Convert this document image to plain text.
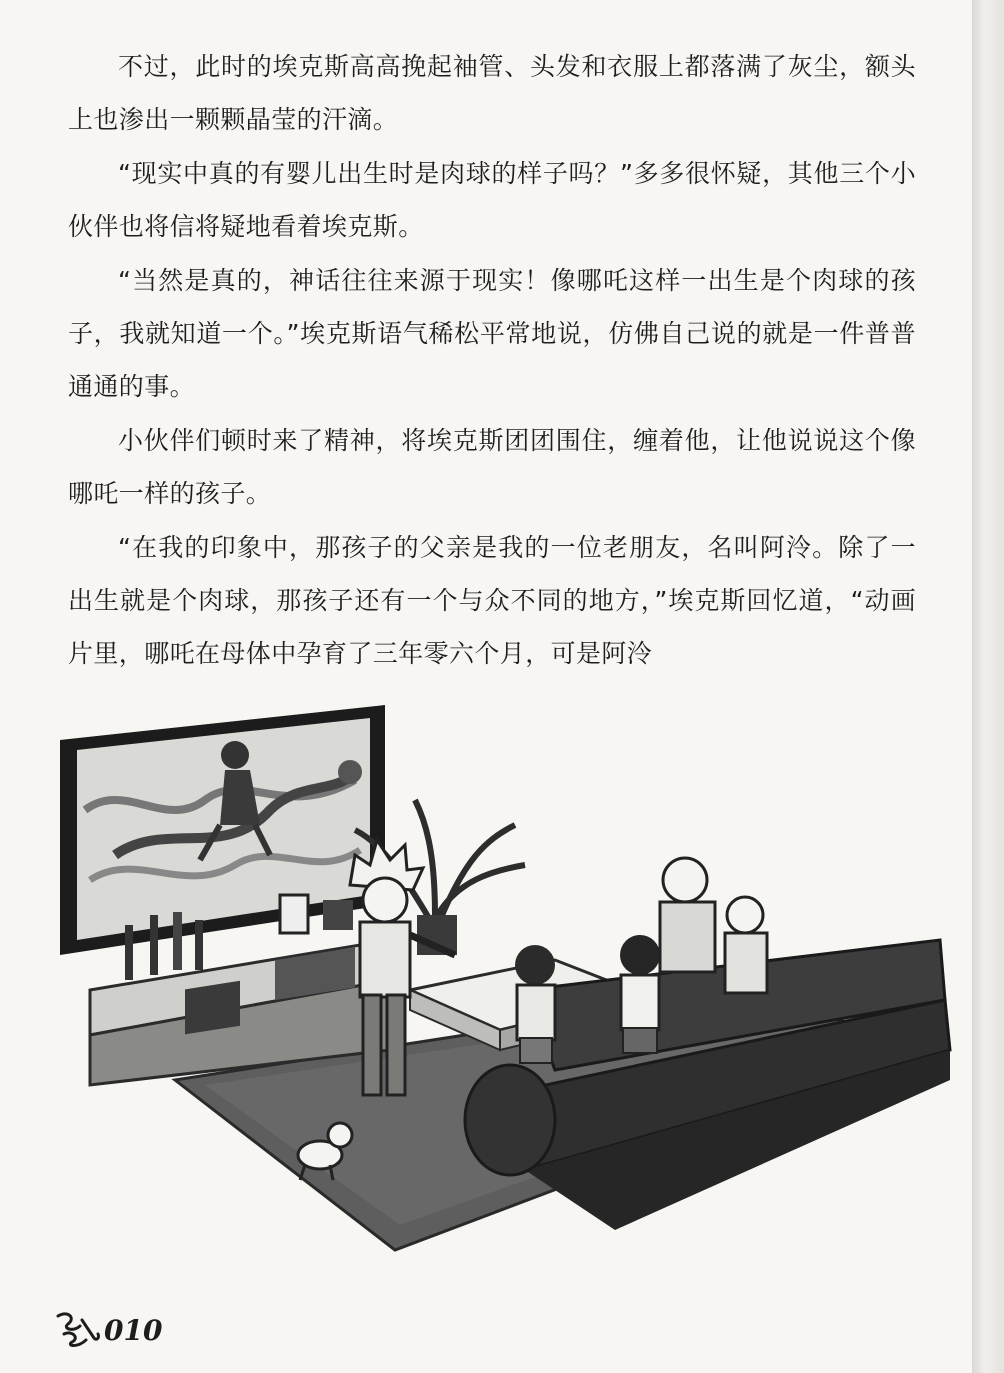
不过，此时的埃克斯高高挽起袖管、头发和衣服上都落满了灰尘，额头上也渗出一颗颗晶莹的汗滴。

“现实中真的有婴儿出生时是肉球的样子吗？”多多很怀疑，其他三个小伙伴也将信将疑地看着埃克斯。

“当然是真的，神话往往来源于现实！像哪吒这样一出生是个肉球的孩子，我就知道一个。”埃克斯语气稀松平常地说，仿佛自己说的就是一件普普通通的事。

小伙伴们顿时来了精神，将埃克斯团团围住，缠着他，让他说说这个像哪吒一样的孩子。

“在我的印象中，那孩子的父亲是我的一位老朋友，名叫阿泠。除了一出生就是个肉球，那孩子还有一个与众不同的地方，”埃克斯回忆道，“动画片里，哪吒在母体中孕育了三年零六个月，可是阿泠

010
